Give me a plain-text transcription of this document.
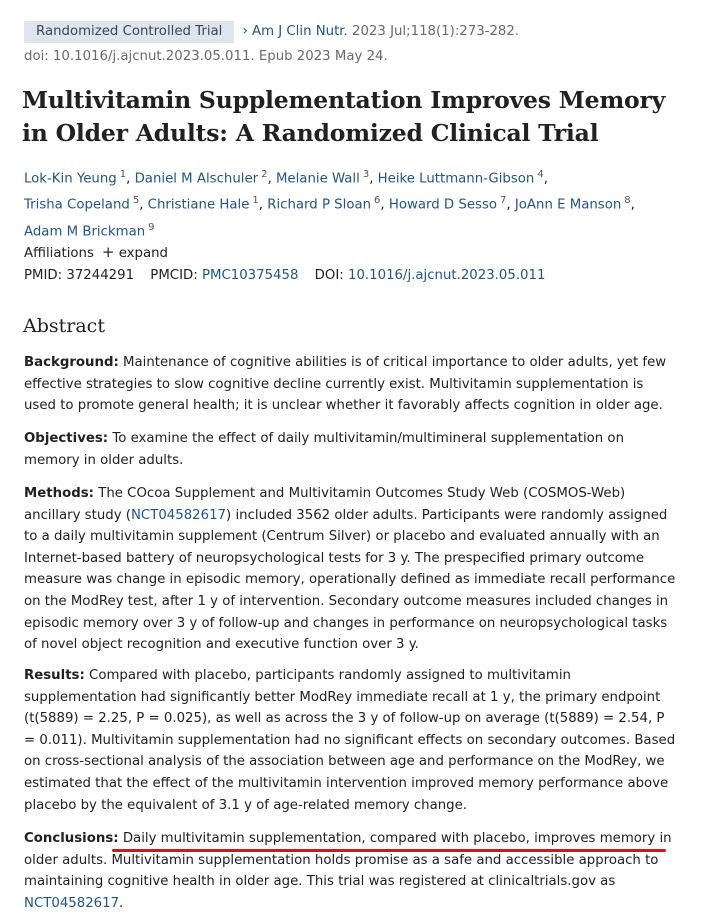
Randomized Controlled Trial › Am J Clin Nutr. 2023 Jul;118(1):273-282.
doi: 10.1016/j.ajcnut.2023.05.011. Epub 2023 May 24.
Multivitamin Supplementation Improves Memory in Older Adults: A Randomized Clinical Trial
Lok-Kin Yeung $^1$, Daniel M Alschuler $^2$, Melanie Wall $^3$, Heike Luttmann-Gibson $^4$,
Trisha Copeland $^5$, Christiane Hale $^1$, Richard P Sloan $^6$, Howard D Sesso $^7$, JoAnn E Manson $^8$,
Adam M Brickman $^9$
Affiliations + expand
PMID: 37244291 PMCID: PMC10375458 DOI: 10.1016/j.ajcnut.2023.05.011
Abstract

Background: Maintenance of cognitive abilities is of critical importance to older adults, yet few effective strategies to slow cognitive decline currently exist. Multivitamin supplementation is used to promote general health; it is unclear whether it favorably affects cognition in older age.

Objectives: To examine the effect of daily multivitamin/multimineral supplementation on memory in older adults.

Methods: The COcoa Supplement and Multivitamin Outcomes Study Web (COSMOS-Web) ancillary study (NCT04582617) included 3562 older adults. Participants were randomly assigned to a daily multivitamin supplement (Centrum Silver) or placebo and evaluated annually with an Internet-based battery of neuropsychological tests for 3 y. The prespecified primary outcome measure was change in episodic memory, operationally defined as immediate recall performance on the ModRey test, after 1 y of intervention. Secondary outcome measures included changes in episodic memory over 3 y of follow-up and changes in performance on neuropsychological tasks of novel object recognition and executive function over 3 y.

Results: Compared with placebo, participants randomly assigned to multivitamin supplementation had significantly better ModRey immediate recall at 1 y, the primary endpoint (t(5889) = 2.25, P = 0.025), as well as across the 3 y of follow-up on average (t(5889) = 2.54, P = 0.011). Multivitamin supplementation had no significant effects on secondary outcomes. Based on cross-sectional analysis of the association between age and performance on the ModRey, we estimated that the effect of the multivitamin intervention improved memory performance above placebo by the equivalent of 3.1 y of age-related memory change.

Conclusions: Daily multivitamin supplementation, compared with placebo, improves memory in older adults. Multivitamin supplementation holds promise as a safe and accessible approach to maintaining cognitive health in older age. This trial was registered at clinicaltrials.gov as NCT04582617.
